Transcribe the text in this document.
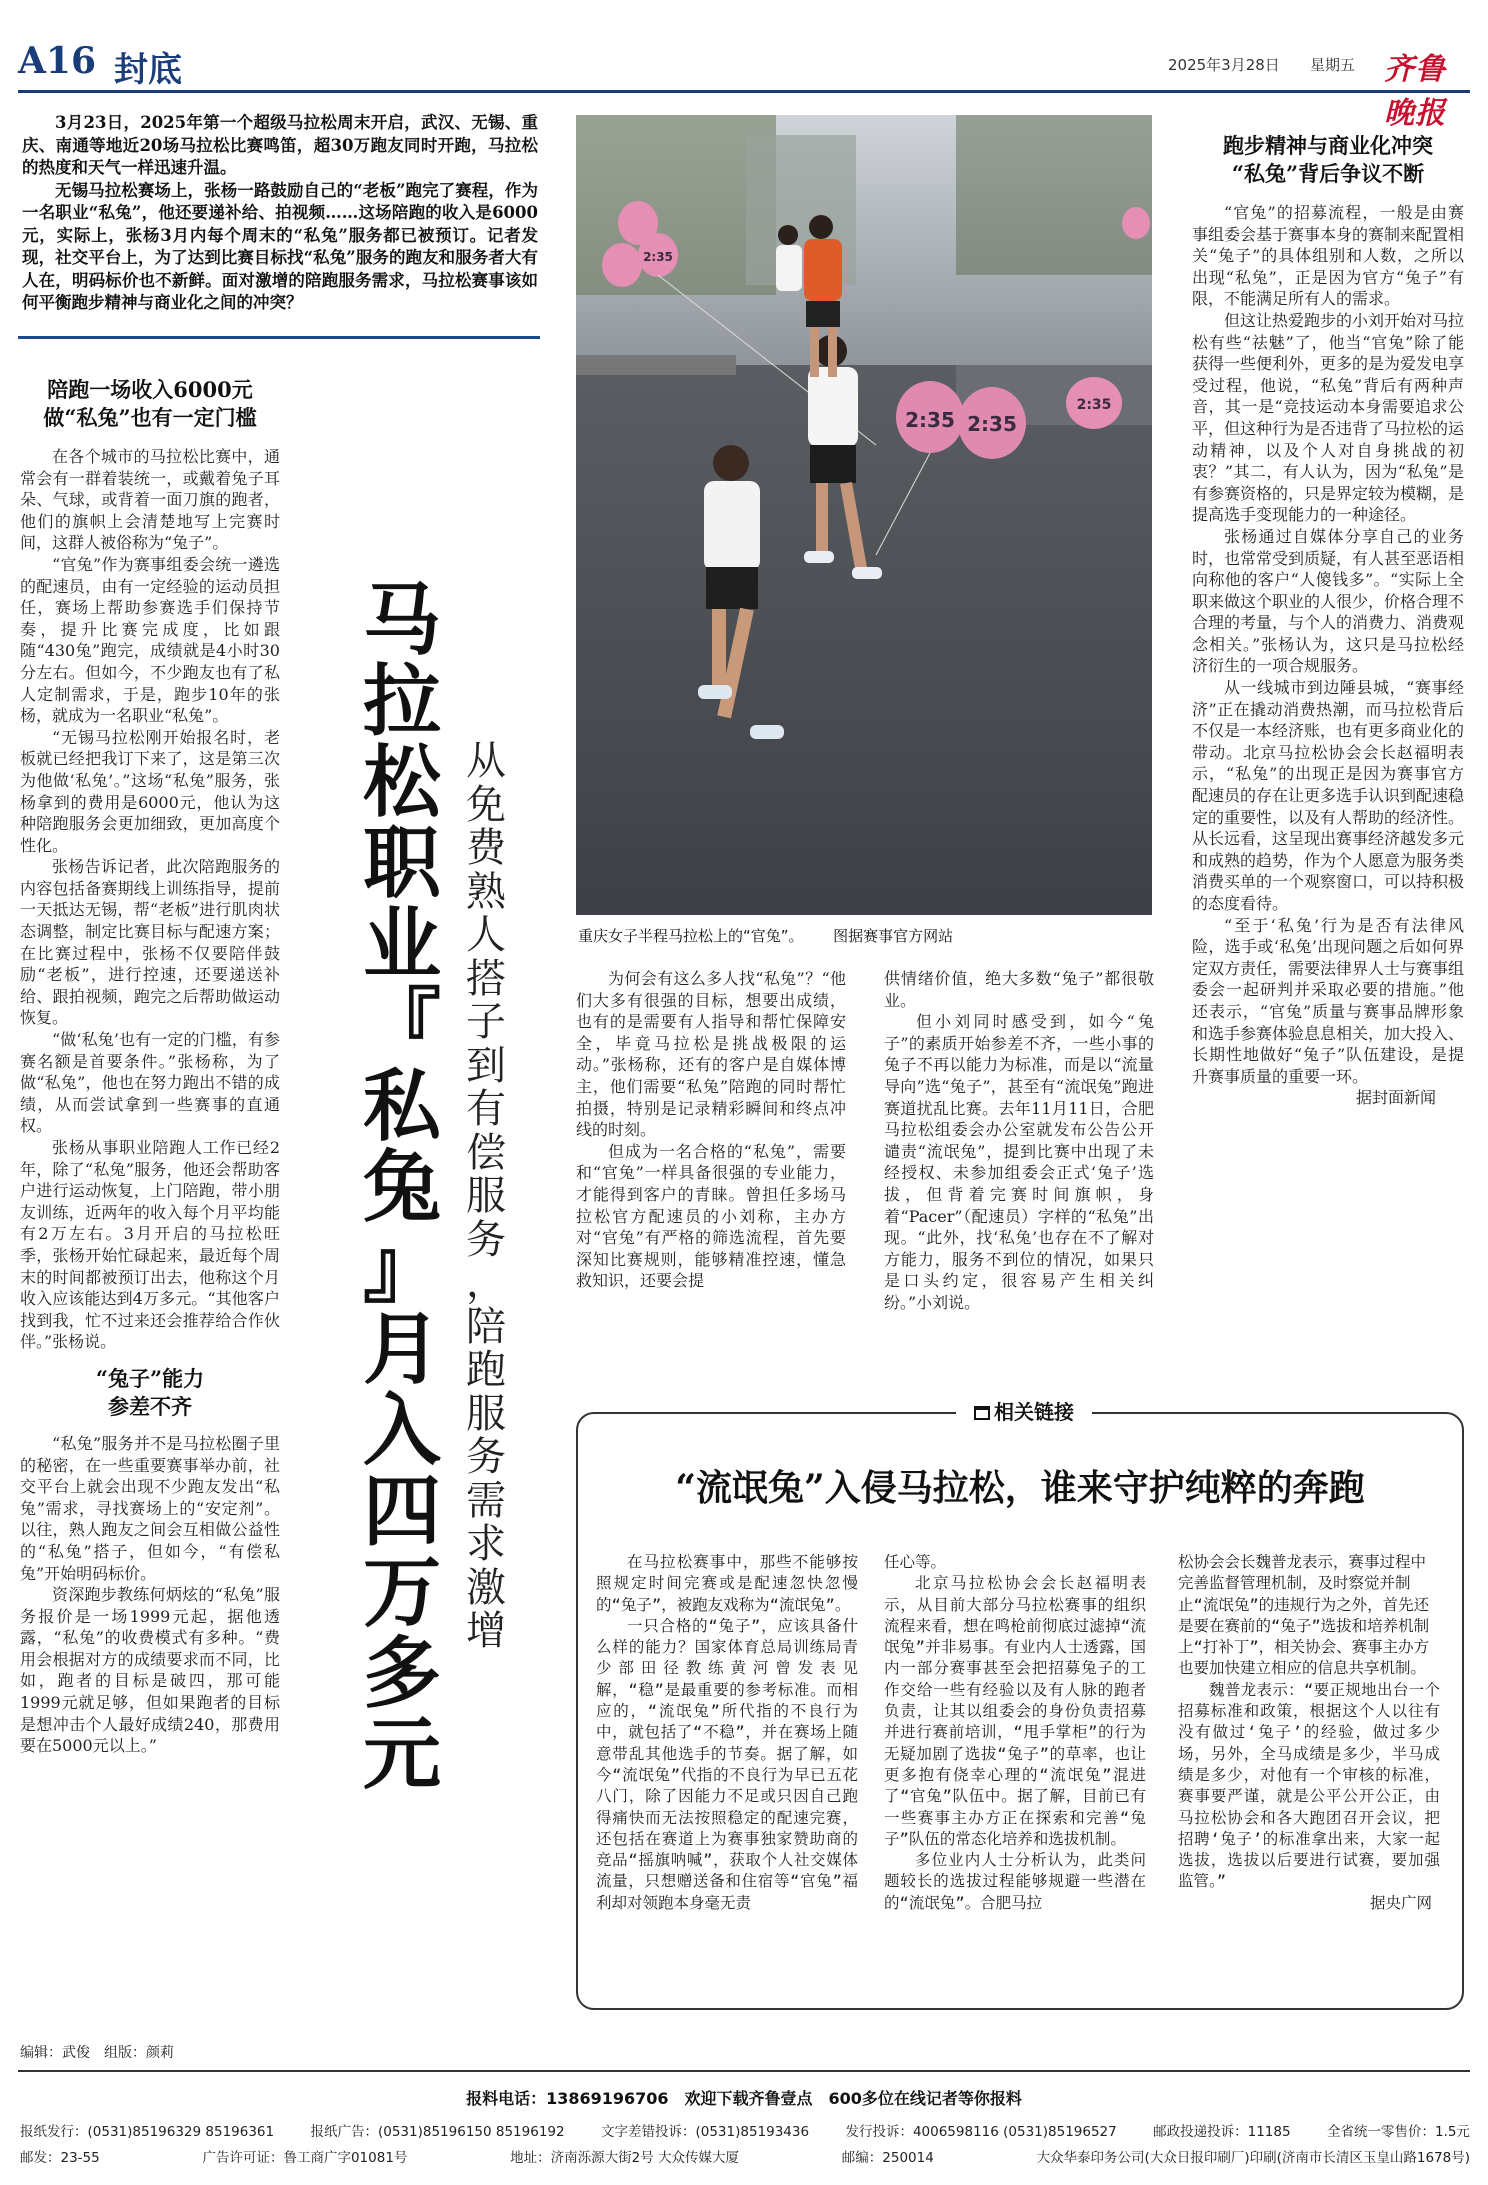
A16 封底	2025年3月28日 星期五 齐鲁晚报

3月23日，2025年第一个超级马拉松周末开启，武汉、无锡、重庆、南通等地近20场马拉松比赛鸣笛，超30万跑友同时开跑，马拉松的热度和天气一样迅速升温。

无锡马拉松赛场上，张杨一路鼓励自己的“老板”跑完了赛程，作为一名职业“私兔”，他还要递补给、拍视频……这场陪跑的收入是6000元，实际上，张杨3月内每个周末的“私兔”服务都已被预订。记者发现，社交平台上，为了达到比赛目标找“私兔”服务的跑友和服务者大有人在，明码标价也不新鲜。面对激增的陪跑服务需求，马拉松赛事该如何平衡跑步精神与商业化之间的冲突？

陪跑一场收入6000元
做“私兔”也有一定门槛

在各个城市的马拉松比赛中，通常会有一群着装统一，或戴着兔子耳朵、气球，或背着一面刀旗的跑者，他们的旗帜上会清楚地写上完赛时间，这群人被俗称为“兔子”。

“官兔”作为赛事组委会统一遴选的配速员，由有一定经验的运动员担任，赛场上帮助参赛选手们保持节奏，提升比赛完成度，比如跟随“430兔”跑完，成绩就是4小时30分左右。但如今，不少跑友也有了私人定制需求，于是，跑步10年的张杨，就成为一名职业“私兔”。

“无锡马拉松刚开始报名时，老板就已经把我订下来了，这是第三次为他做‘私兔’。”这场“私兔”服务，张杨拿到的费用是6000元，他认为这种陪跑服务会更加细致，更加高度个性化。

张杨告诉记者，此次陪跑服务的内容包括备赛期线上训练指导，提前一天抵达无锡，帮“老板”进行肌肉状态调整，制定比赛目标与配速方案；在比赛过程中，张杨不仅要陪伴鼓励“老板”，进行控速，还要递送补给、跟拍视频，跑完之后帮助做运动恢复。

“做‘私兔’也有一定的门槛，有参赛名额是首要条件。”张杨称，为了做“私兔”，他也在努力跑出不错的成绩，从而尝试拿到一些赛事的直通权。

张杨从事职业陪跑人工作已经2年，除了“私兔”服务，他还会帮助客户进行运动恢复，上门陪跑，带小朋友训练，近两年的收入每个月平均能有2万左右。3月开启的马拉松旺季，张杨开始忙碌起来，最近每个周末的时间都被预订出去，他称这个月收入应该能达到4万多元。“其他客户找到我，忙不过来还会推荐给合作伙伴。”张杨说。

“兔子”能力
参差不齐

“私兔”服务并不是马拉松圈子里的秘密，在一些重要赛事举办前，社交平台上就会出现不少跑友发出“私兔”需求，寻找赛场上的“安定剂”。以往，熟人跑友之间会互相做公益性的“私兔”搭子，但如今，“有偿私兔”开始明码标价。

资深跑步教练何炳炫的“私兔”服务报价是一场1999元起，据他透露，“私兔”的收费模式有多种。“费用会根据对方的成绩要求而不同，比如，跑者的目标是破四，那可能1999元就足够，但如果跑者的目标是想冲击个人最好成绩240，那费用要在5000元以上。”

马
拉
松
职
业
『
私
兔
』
月
入
四
万
多
元
从
免
费
熟
人
搭
子
到
有
偿
服
务
，
陪
跑
服
务
需
求
激
增
2:35 2:35
2:35
2:35
重庆女子半程马拉松上的“官兔”。 图据赛事官方网站

为何会有这么多人找“私兔”？“他们大多有很强的目标，想要出成绩，也有的是需要有人指导和帮忙保障安全，毕竟马拉松是挑战极限的运动。”张杨称，还有的客户是自媒体博主，他们需要“私兔”陪跑的同时帮忙拍摄，特别是记录精彩瞬间和终点冲线的时刻。

但成为一名合格的“私兔”，需要和“官兔”一样具备很强的专业能力，才能得到客户的青睐。曾担任多场马拉松官方配速员的小刘称，主办方对“官兔”有严格的筛选流程，首先要深知比赛规则，能够精准控速，懂急救知识，还要会提

供情绪价值，绝大多数“兔子”都很敬业。

但小刘同时感受到，如今“兔子”的素质开始参差不齐，一些小事的兔子不再以能力为标准，而是以“流量导向”选“兔子”，甚至有“流氓兔”跑进赛道扰乱比赛。去年11月11日，合肥马拉松组委会办公室就发布公告公开谴责“流氓兔”，提到比赛中出现了未经授权、未参加组委会正式‘兔子’选拔，但背着完赛时间旗帜，身着“Pacer”（配速员）字样的“私兔”出现。“此外，找‘私兔’也存在不了解对方能力，服务不到位的情况，如果只是口头约定，很容易产生相关纠纷。”小刘说。

跑步精神与商业化冲突
“私兔”背后争议不断

“官兔”的招募流程，一般是由赛事组委会基于赛事本身的赛制来配置相关“兔子”的具体组别和人数，之所以出现“私兔”，正是因为官方“兔子”有限，不能满足所有人的需求。

但这让热爱跑步的小刘开始对马拉松有些“祛魅”了，他当“官兔”除了能获得一些便利外，更多的是为爱发电享受过程，他说，“私兔”背后有两种声音，其一是“竞技运动本身需要追求公平，但这种行为是否违背了马拉松的运动精神，以及个人对自身挑战的初衷？”其二，有人认为，因为“私兔”是有参赛资格的，只是界定较为模糊，是提高选手变现能力的一种途径。

张杨通过自媒体分享自己的业务时，也常常受到质疑，有人甚至恶语相向称他的客户“人傻钱多”。“实际上全职来做这个职业的人很少，价格合理不合理的考量，与个人的消费力、消费观念相关。”张杨认为，这只是马拉松经济衍生的一项合规服务。

从一线城市到边陲县城，“赛事经济”正在撬动消费热潮，而马拉松背后不仅是一本经济账，也有更多商业化的带动。北京马拉松协会会长赵福明表示，“私兔”的出现正是因为赛事官方配速员的存在让更多选手认识到配速稳定的重要性，以及有人帮助的经济性。从长远看，这呈现出赛事经济越发多元和成熟的趋势，作为个人愿意为服务类消费买单的一个观察窗口，可以持积极的态度看待。

“至于‘私兔’行为是否有法律风险，选手或‘私兔’出现问题之后如何界定双方责任，需要法律界人士与赛事组委会一起研判并采取必要的措施。”他还表示，“官兔”质量与赛事品牌形象和选手参赛体验息息相关，加大投入、长期性地做好“兔子”队伍建设，是提升赛事质量的重要一环。

据封面新闻

相关链接
“流氓兔”入侵马拉松，谁来守护纯粹的奔跑

在马拉松赛事中，那些不能够按照规定时间完赛或是配速忽快忽慢的“兔子”，被跑友戏称为“流氓兔”。

一只合格的“兔子”，应该具备什么样的能力？国家体育总局训练局青少部田径教练黄河曾发表见解，“稳”是最重要的参考标准。而相应的，“流氓兔”所代指的不良行为中，就包括了“不稳”，并在赛场上随意带乱其他选手的节奏。据了解，如今“流氓兔”代指的不良行为早已五花八门，除了因能力不足或只因自己跑得痛快而无法按照稳定的配速完赛，还包括在赛道上为赛事独家赞助商的竞品“摇旗呐喊”，获取个人社交媒体流量，只想赠送备和住宿等“官兔”福利却对领跑本身毫无责

任心等。

北京马拉松协会会长赵福明表示，从目前大部分马拉松赛事的组织流程来看，想在鸣枪前彻底过滤掉“流氓兔”并非易事。有业内人士透露，国内一部分赛事甚至会把招募兔子的工作交给一些有经验以及有人脉的跑者负责，让其以组委会的身份负责招募并进行赛前培训，“甩手掌柜”的行为无疑加剧了选拔“兔子”的草率，也让更多抱有侥幸心理的“流氓兔”混进了“官兔”队伍中。据了解，目前已有一些赛事主办方正在探索和完善“兔子”队伍的常态化培养和选拔机制。

多位业内人士分析认为，此类问题较长的选拔过程能够规避一些潜在的“流氓兔”。合肥马拉

松协会会长魏普龙表示，赛事过程中完善监督管理机制，及时察觉并制止“流氓兔”的违规行为之外，首先还是要在赛前的“兔子”选拔和培养机制上“打补丁”，相关协会、赛事主办方也要加快建立相应的信息共享机制。

魏普龙表示：“要正规地出台一个招募标准和政策，根据这个人以往有没有做过‘兔子’的经验，做过多少场，另外，全马成绩是多少，半马成绩是多少，对他有一个审核的标准，赛事要严谨，就是公平公开公正，由马拉松协会和各大跑团召开会议，把招聘‘兔子’的标准拿出来，大家一起选拔，选拔以后要进行试赛，要加强监管。”

据央广网

编辑：武俊　组版：颜莉
报料电话：13869196706　欢迎下载齐鲁壹点　600多位在线记者等你报料
报纸发行：(0531)85196329 85196361	报纸广告：(0531)85196150 85196192	文字差错投诉：(0531)85193436	发行投诉：4006598116 (0531)85196527	邮政投递投诉：11185	全省统一零售价：1.5元
邮发：23-55	广告许可证：鲁工商广字01081号	地址：济南泺源大街2号 大众传媒大厦	邮编：250014	大众华泰印务公司(大众日报印刷厂)印刷(济南市长清区玉皇山路1678号)
